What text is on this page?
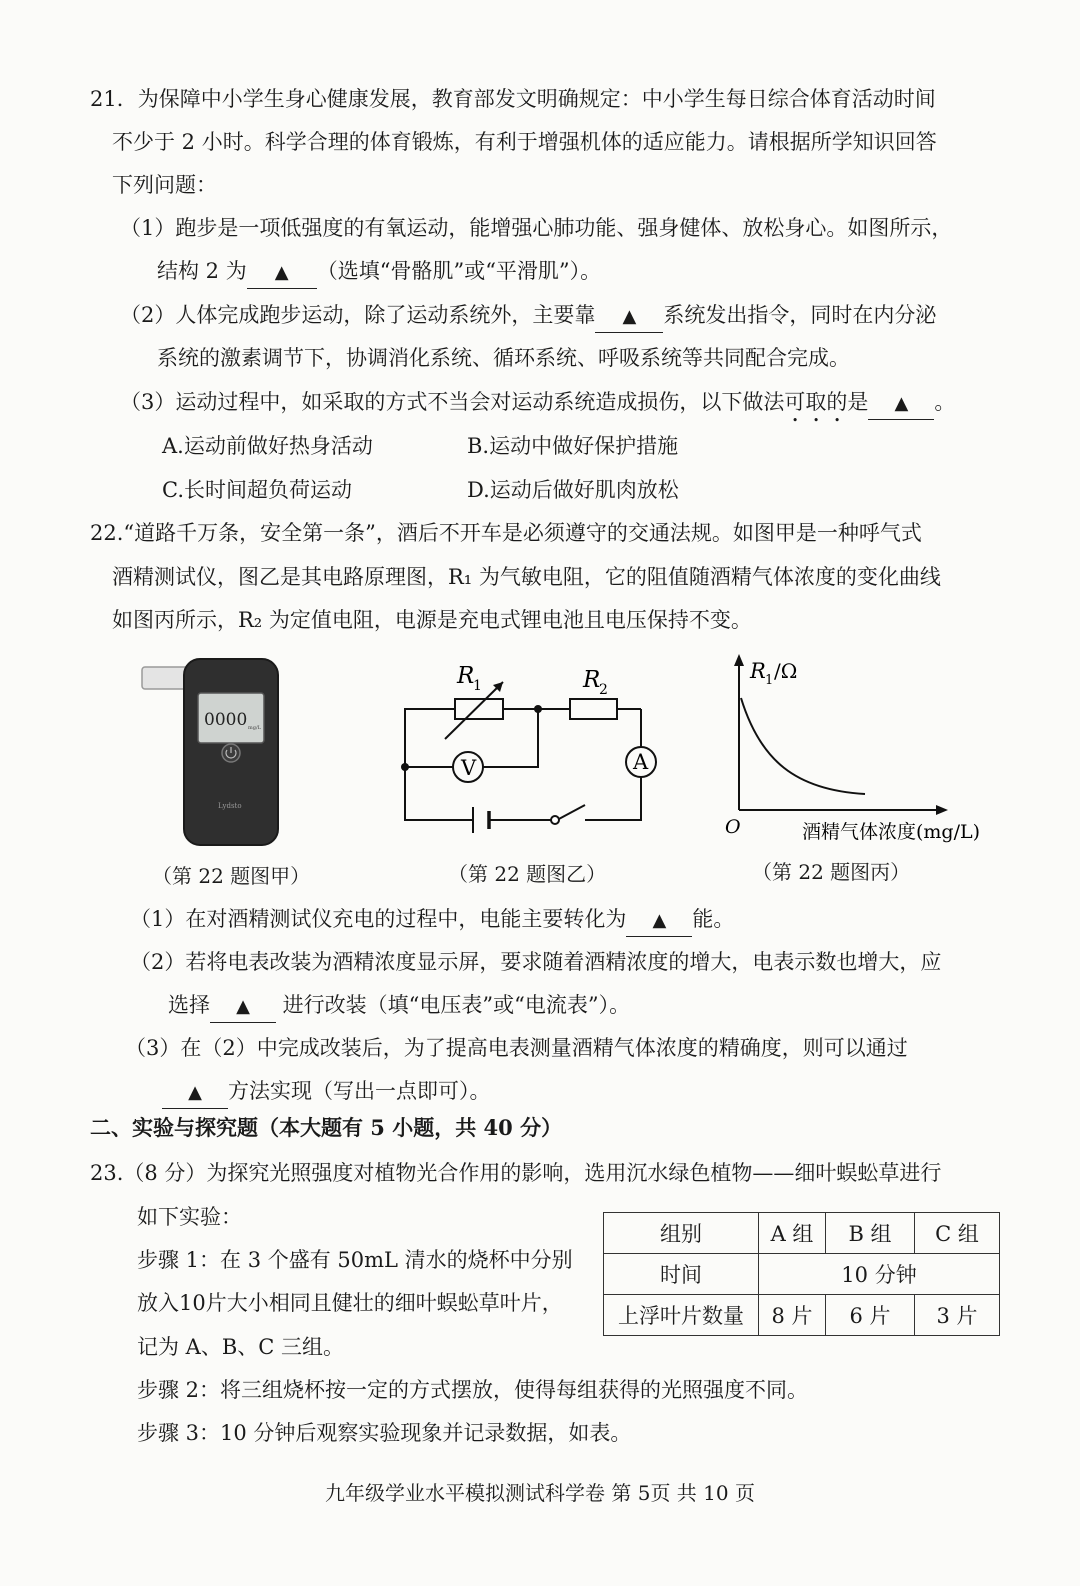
21．为保障中小学生身心健康发展，教育部发文明确规定：中小学生每日综合体育活动时间
不少于 2 小时。科学合理的体育锻炼，有利于增强机体的适应能力。请根据所学知识回答
下列问题：
（1）跑步是一项低强度的有氧运动，能增强心肺功能、强身健体、放松身心。如图所示，
结构 2 为 ▲ （选填“骨骼肌”或“平滑肌”）。
（2）人体完成跑步运动，除了运动系统外，主要靠 ▲ 系统发出指令，同时在内分泌
系统的激素调节下，协调消化系统、循环系统、呼吸系统等共同配合完成。
（3）运动过程中，如采取的方式不当会对运动系统造成损伤，以下做法可取的是 ▲ 。
A.运动前做好热身活动	B.运动中做好保护措施
C.长时间超负荷运动	D.运动后做好肌肉放松
22.“道路千万条，安全第一条”，酒后不开车是必须遵守的交通法规。如图甲是一种呼气式
酒精测试仪，图乙是其电路原理图，R₁ 为气敏电阻，它的阻值随酒精气体浓度的变化曲线
如图丙所示，R₂ 为定值电阻，电源是充电式锂电池且电压保持不变。
0000 mg/L
Lydsto
R
1	R
2
V	A
R 1 /Ω
O	酒精气体浓度(mg/L)
（第 22 题图甲）	（第 22 题图乙）	（第 22 题图丙）
（1）在对酒精测试仪充电的过程中，电能主要转化为 ▲ 能。
（2）若将电表改装为酒精浓度显示屏，要求随着酒精浓度的增大，电表示数也增大，应
选择 ▲ 进行改装（填“电压表”或“电流表”）。
（3）在（2）中完成改装后，为了提高电表测量酒精气体浓度的精确度，则可以通过
▲ 方法实现（写出一点即可）。
二、实验与探究题（本大题有 5 小题，共 40 分）
23.（8 分）为探究光照强度对植物光合作用的影响，选用沉水绿色植物——细叶蜈蚣草进行
如下实验：
步骤 1：在 3 个盛有 50mL 清水的烧杯中分别
放入10片大小相同且健壮的细叶蜈蚣草叶片，
记为 A、B、C 三组。
步骤 2：将三组烧杯按一定的方式摆放，使得每组获得的光照强度不同。
步骤 3：10 分钟后观察实验现象并记录数据，如表。
组别	A 组	B 组	C 组
时间	10 分钟		
上浮叶片数量	8 片	6 片	3 片
九年级学业水平模拟测试科学卷 第 5页 共 10 页
